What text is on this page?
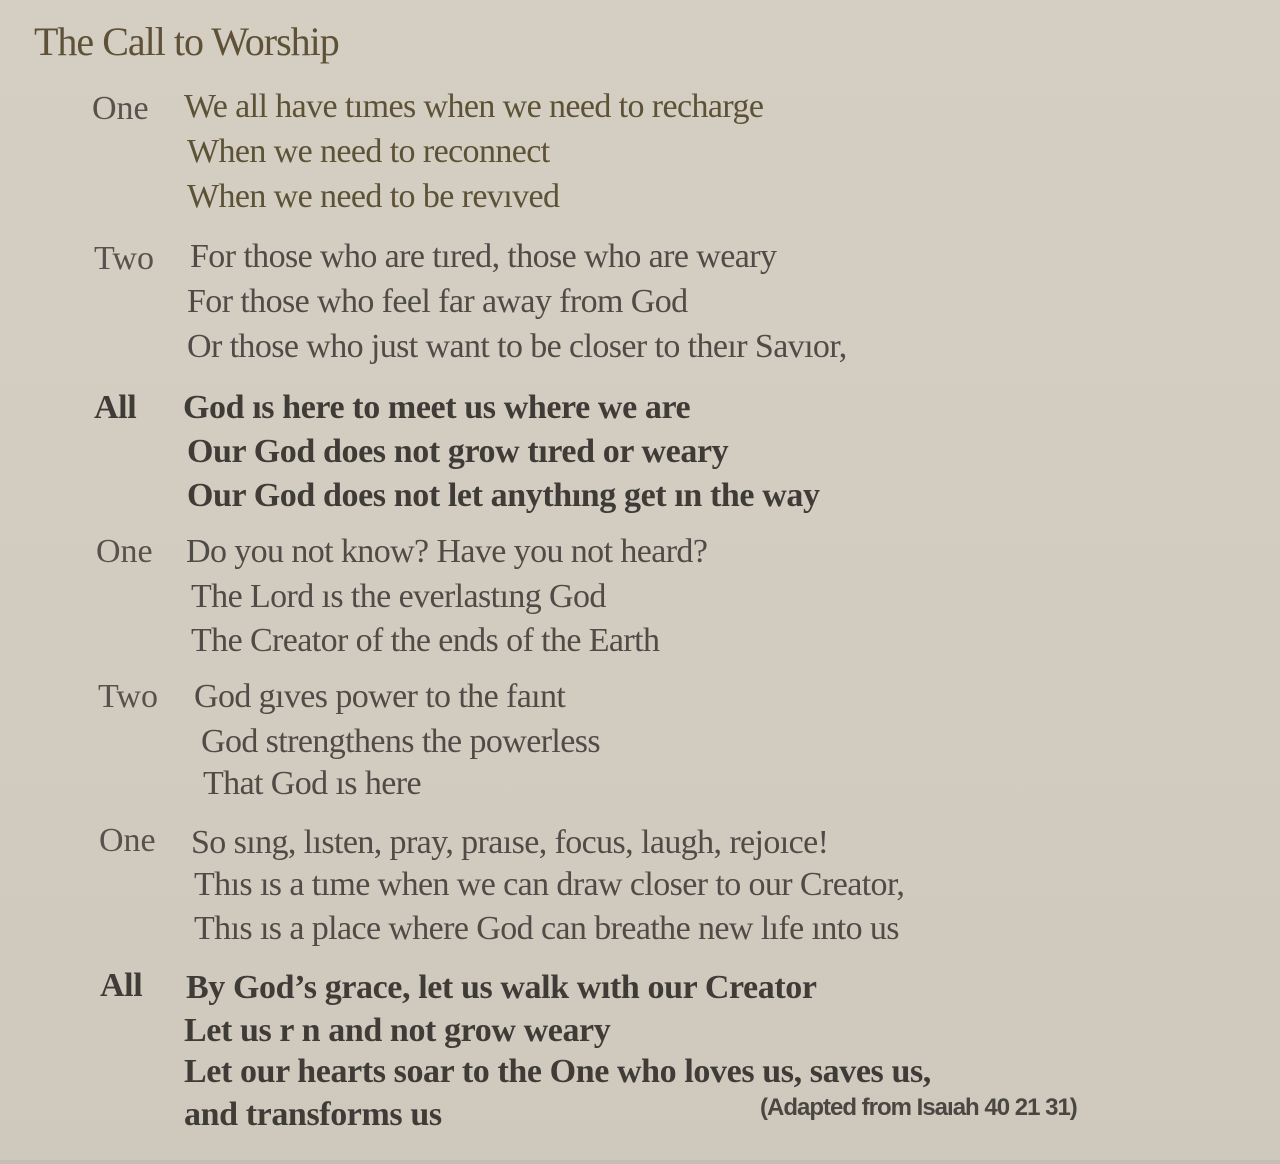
The Call to Worship
One We all have tımes when we need to recharge
When we need to reconnect
When we need to be revıved
Two For those who are tıred, those who are weary
For those who feel far away from God
Or those who just want to be closer to theır Savıor,
All God ıs here to meet us where we are
Our God does not grow tıred or weary
Our God does not let anythıng get ın the way
One Do you not know? Have you not heard?
The Lord ıs the everlastıng God
The Creator of the ends of the Earth
Two God gıves power to the faınt
God strengthens the powerless
That God ıs here
One So sıng, lısten, pray, praıse, focus, laugh, rejoıce!
Thıs ıs a tıme when we can draw closer to our Creator,
Thıs ıs a place where God can breathe new lıfe ınto us
All By God’s grace, let us walk wıth our Creator
Let us r n and not grow weary
Let our hearts soar to the One who loves us, saves us,
and transforms us	(Adapted from Isaıah 40 21 31)
